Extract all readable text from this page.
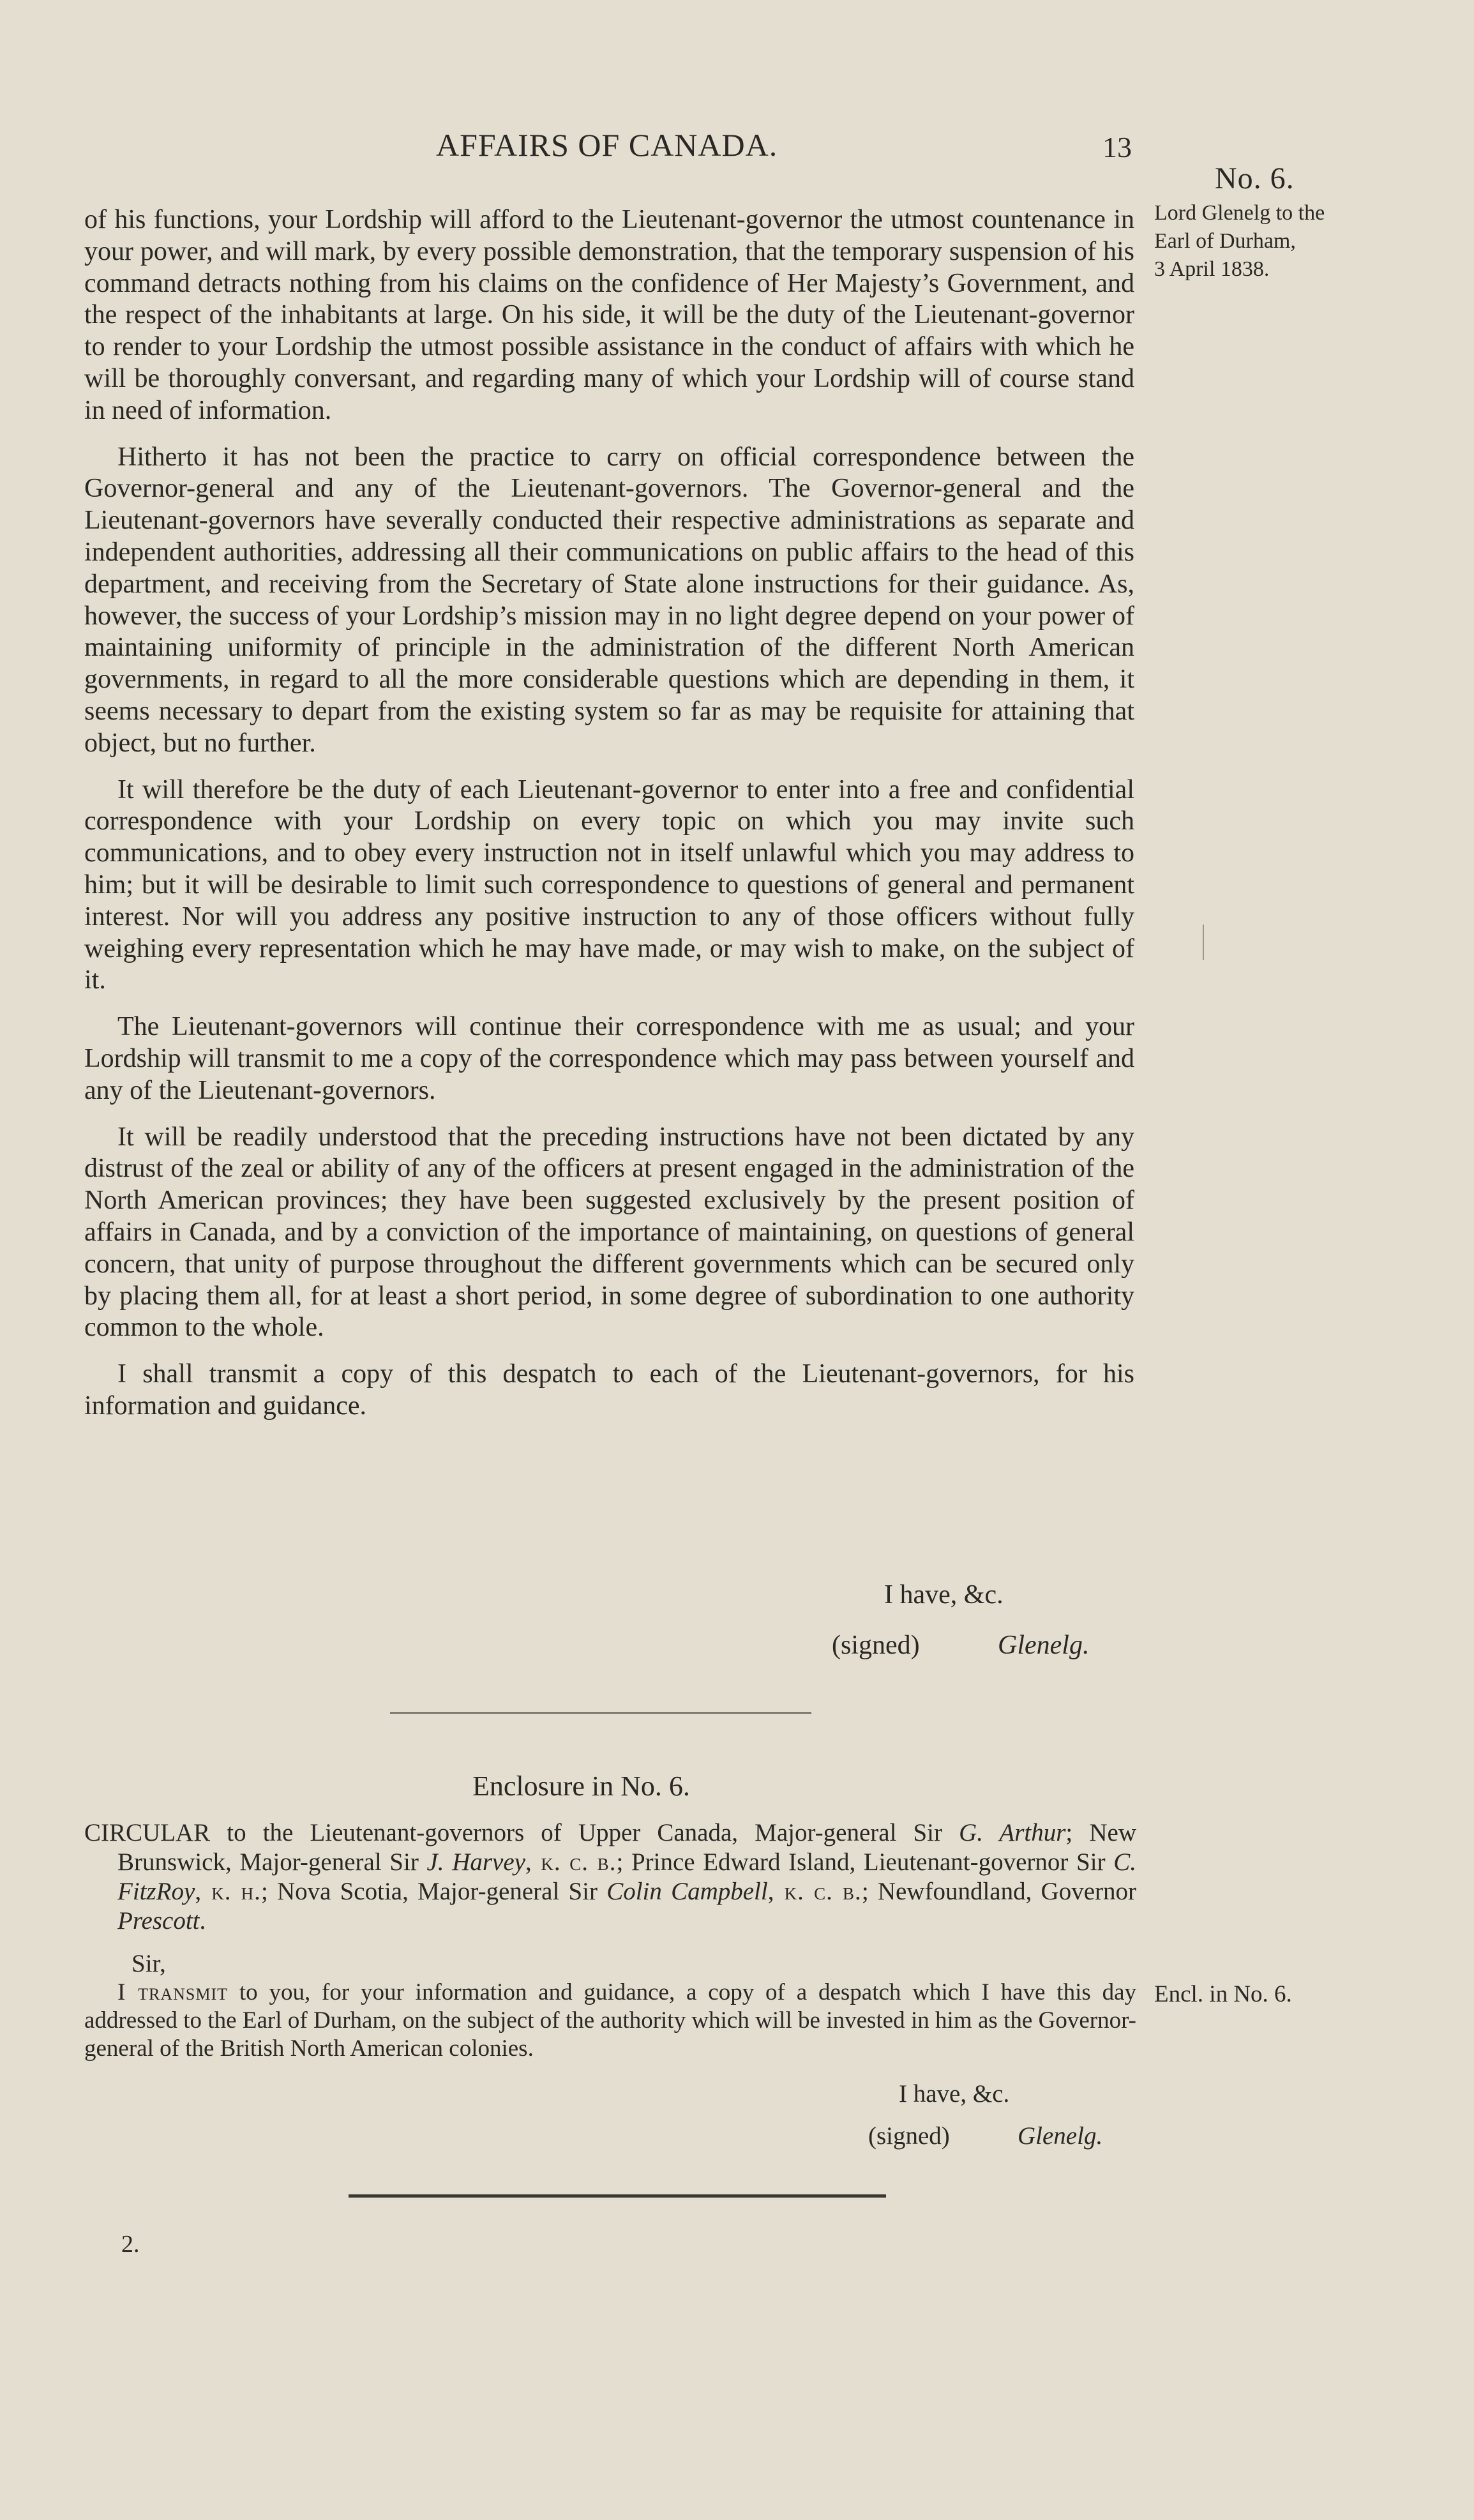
AFFAIRS OF CANADA.	13
No. 6.
Lord Glenelg to the
Earl of Durham,
3 April 1838.

of his functions, your Lordship will afford to the Lieutenant-governor the utmost countenance in your power, and will mark, by every possible demonstration, that the temporary suspension of his command detracts nothing from his claims on the confidence of Her Majesty’s Government, and the respect of the inhabitants at large. On his side, it will be the duty of the Lieutenant-governor to render to your Lordship the utmost possible assistance in the conduct of affairs with which he will be thoroughly conversant, and regarding many of which your Lordship will of course stand in need of information.

Hitherto it has not been the practice to carry on official correspondence between the Governor-general and any of the Lieutenant-governors. The Governor-general and the Lieutenant-governors have severally conducted their respective administrations as separate and independent authorities, addressing all their communications on public affairs to the head of this department, and receiving from the Secretary of State alone instructions for their guidance. As, however, the success of your Lordship’s mission may in no light degree depend on your power of maintaining uniformity of principle in the administration of the different North American governments, in regard to all the more considerable questions which are depending in them, it seems necessary to depart from the existing system so far as may be requisite for attaining that object, but no further.

It will therefore be the duty of each Lieutenant-governor to enter into a free and confidential correspondence with your Lordship on every topic on which you may invite such communications, and to obey every instruction not in itself unlawful which you may address to him; but it will be desirable to limit such correspondence to questions of general and permanent interest. Nor will you address any positive instruction to any of those officers without fully weighing every representation which he may have made, or may wish to make, on the subject of it.

The Lieutenant-governors will continue their correspondence with me as usual; and your Lordship will transmit to me a copy of the correspondence which may pass between yourself and any of the Lieutenant-governors.

It will be readily understood that the preceding instructions have not been dictated by any distrust of the zeal or ability of any of the officers at present engaged in the administration of the North American provinces; they have been suggested exclusively by the present position of affairs in Canada, and by a conviction of the importance of maintaining, on questions of general concern, that unity of purpose throughout the different governments which can be secured only by placing them all, for at least a short period, in some degree of subordination to one authority common to the whole.

I shall transmit a copy of this despatch to each of the Lieutenant-governors, for his information and guidance.

I have, &c.
(signed)	Glenelg.
Enclosure in No. 6.
CIRCULAR to the Lieutenant-governors of Upper Canada, Major-general Sir G. Arthur; New Brunswick, Major-general Sir J. Harvey, k. c. b.; Prince Edward Island, Lieutenant-governor Sir C. FitzRoy, k. h.; Nova Scotia, Major-general Sir Colin Campbell, k. c. b.; Newfoundland, Governor Prescott.
Sir,
I transmit to you, for your information and guidance, a copy of a despatch which I have this day addressed to the Earl of Durham, on the subject of the authority which will be invested in him as the Governor-general of the British North American colonies.
Encl. in No. 6.
I have, &c.
(signed)	Glenelg.
2.
